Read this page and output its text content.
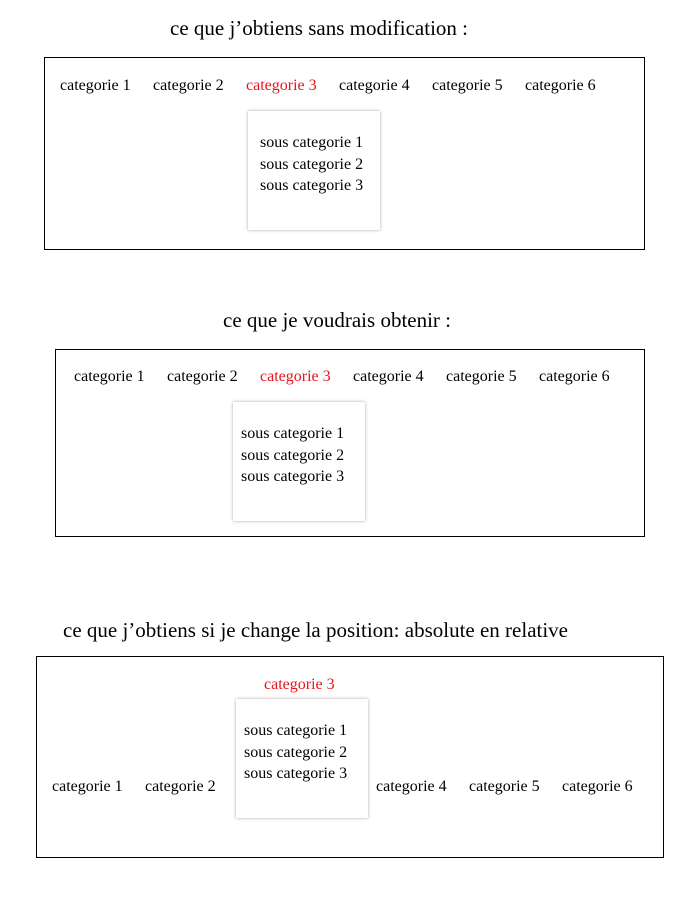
ce que j’obtiens sans modification :
categorie 1 categorie 2 categorie 3 categorie 4 categorie 5 categorie 6
sous categorie 1
sous categorie 2
sous categorie 3
ce que je voudrais obtenir :
categorie 1 categorie 2 categorie 3 categorie 4 categorie 5 categorie 6
sous categorie 1
sous categorie 2
sous categorie 3
ce que j’obtiens si je change la position: absolute en relative
categorie 3
sous categorie 1
sous categorie 2
sous categorie 3
categorie 1 categorie 2	categorie 4 categorie 5 categorie 6
